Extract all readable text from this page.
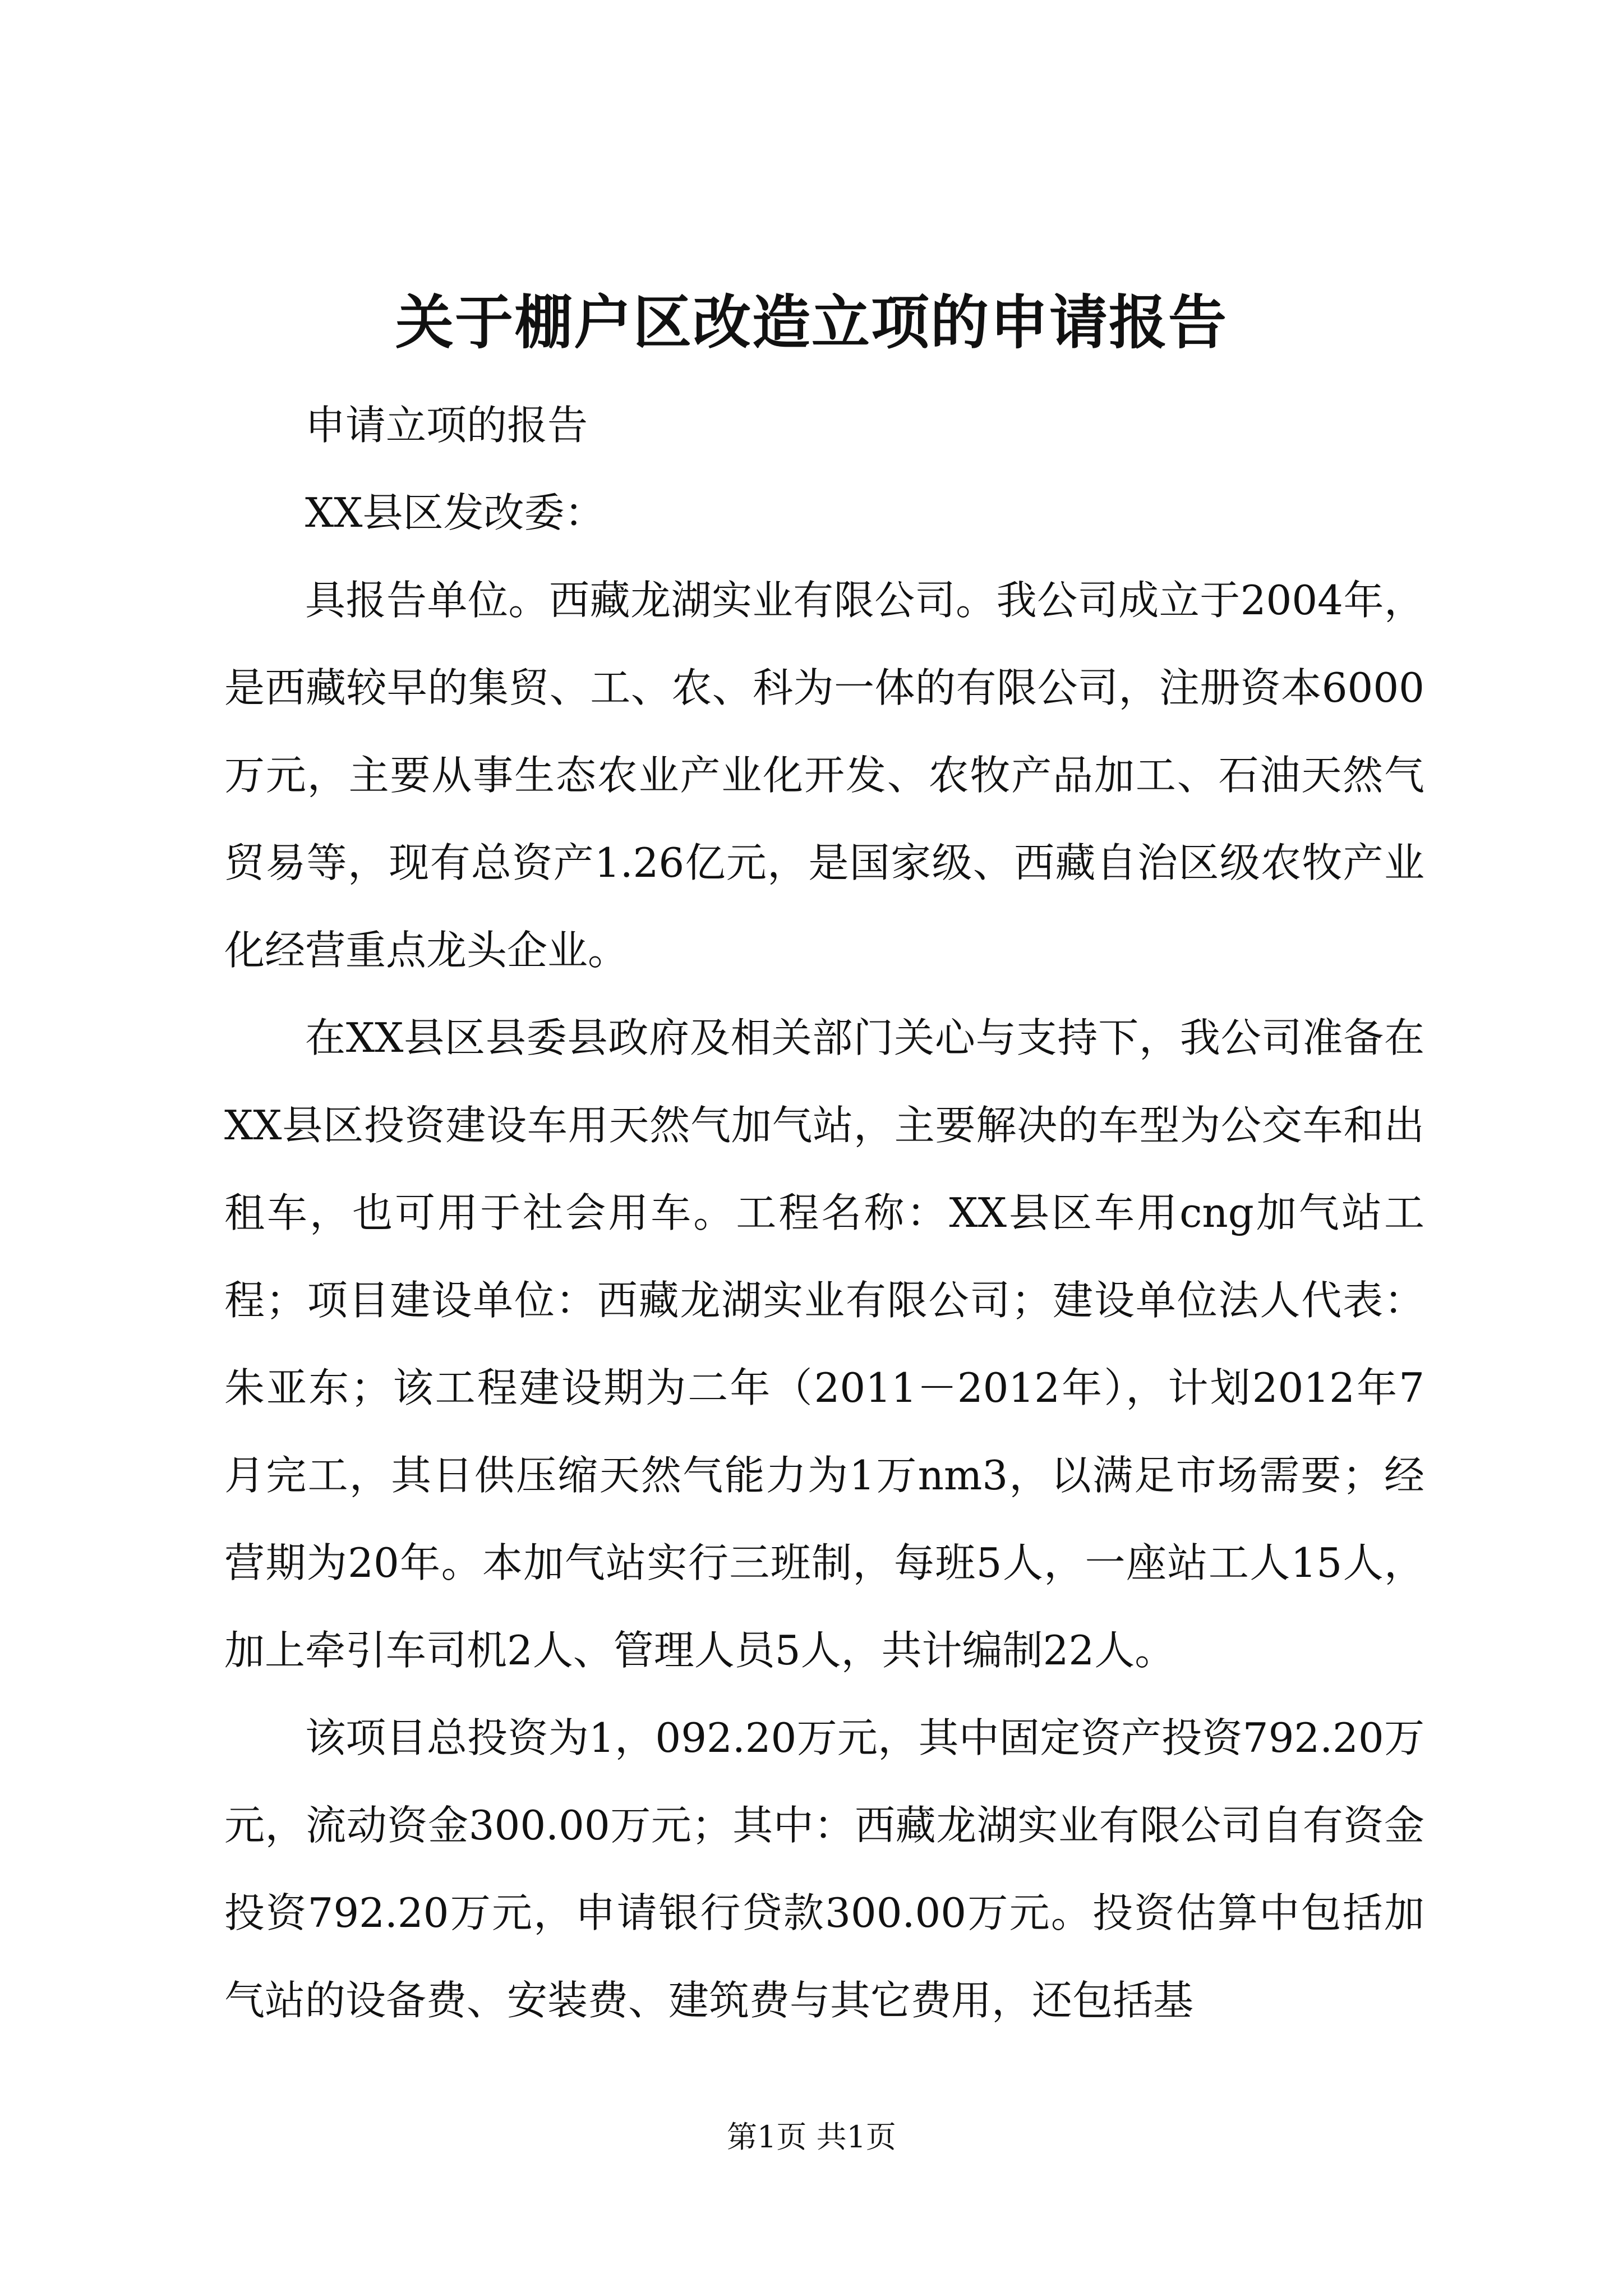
关于棚户区改造立项的申请报告

申请立项的报告

XX县区发改委：

具报告单位。西藏龙湖实业有限公司。我公司成立于2004年，是西藏较早的集贸、工、农、科为一体的有限公司，注册资本6000万元，主要从事生态农业产业化开发、农牧产品加工、石油天然气贸易等，现有总资产1.26亿元，是国家级、西藏自治区级农牧产业化经营重点龙头企业。

在XX县区县委县政府及相关部门关心与支持下，我公司准备在XX县区投资建设车用天然气加气站，主要解决的车型为公交车和出租车，也可用于社会用车。工程名称：XX县区车用cng加气站工程；项目建设单位：西藏龙湖实业有限公司；建设单位法人代表：朱亚东；该工程建设期为二年（2011－2012年），计划2012年7月完工，其日供压缩天然气能力为1万nm3，以满足市场需要；经营期为20年。本加气站实行三班制，每班5人，一座站工人15人，加上牵引车司机2人、管理人员5人，共计编制22人。

该项目总投资为1，092.20万元，其中固定资产投资792.20万元，流动资金300.00万元；其中：西藏龙湖实业有限公司自有资金投资792.20万元，申请银行贷款300.00万元。投资估算中包括加气站的设备费、安装费、建筑费与其它费用，还包括基

第1页 共1页
